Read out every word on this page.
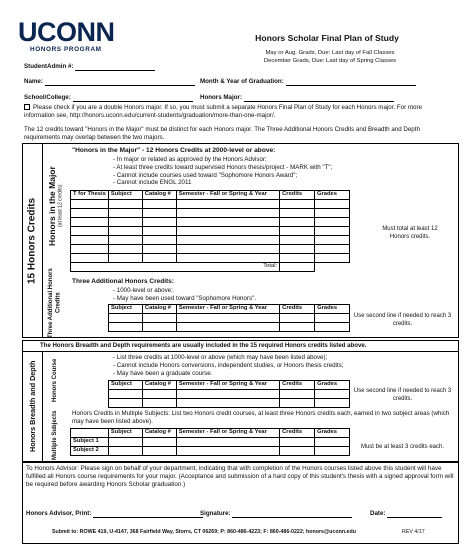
UCONN
HONORS PROGRAM
Honors Scholar Final Plan of Study
May or Aug. Grads, Due: Last day of Fall Classes
December Grads, Due: Last day of Spring Classes
StudentAdmin #:
Name:	Month & Year of Graduation:
School/College:	Honors Major:
Please check if you are a double Honors major. If so, you must submit a separate Honors Final Plan of Study for each Honors major. For more information see, http://honors.uconn.edu/current-students/graduation/more-than-one-major/.
The 12 credits toward "Honors in the Major" must be distinct for each Honors major. The Three Additional Honors Credits and Breadth and Depth requirements may overlap between the two majors.
15 Honors Credits	Honors in the Major (at least 12 credits)
"Honors in the Major" - 12 Honors Credits at 2000-level or above:
- In major or related as approved by the Honors Advisor;
- At least three credits toward supervised Honors thesis/project - MARK with "T";
- Cannot include courses used toward "Sophomore Honors Award";
- Cannot include ENGL 2011
T for Thesis	Subject	Catalog #	Semester - Fall or Spring & Year	Credits	Grades

Total:					
Must total at least 12 Honors credits.
Three Additional Honors Credits
Three Additional Honors Credits:
- 1000-level or above;
- May have been used toward "Sophomore Honors".
Subject	Catalog #	Semester - Fall or Spring & Year	Credits	Grades

Use second line if needed to reach 3 credits.
The Honors Breadth and Depth requirements are usually included in the 15 required Honors credits listed above.
Honors Breadth and Depth	Honors Course
- List three credits at 1000-level or above (which may have been listed above);
- Cannot include Honors conversions, independent studies, or Honors thesis credits;
- May have been a graduate course.
Subject	Catalog #	Semester - Fall or Spring & Year	Credits	Grades

Use second line if needed to reach 3 credits.
Multiple Subjects	Honors Credits in Multiple Subjects: List two Honors credit courses, at least three Honors credits each, earned in two subject areas (which may have been listed above).
	Subject	Catalog #	Semester - Fall or Spring & Year	Credits	Grades
Subject 1					
Subject 2					
Must be at least 3 credits each.
To Honors Advisor: Please sign on behalf of your department, indicating that with completion of the Honors courses listed above this student will have fulfilled all Honors course requirements for your major. (Acceptance and submission of a hard copy of this student's thesis with a signed approval form will be required before awarding Honors Scholar graduation.)
Honors Advisor, Print:	Signature:	Date:
Submit to: ROWE 419, U-4147, 368 Fairfield Way, Storrs, CT 06269; P: 860-486-4223; F: 860-486-0222; honors@uconn.edu	REV 4/17
